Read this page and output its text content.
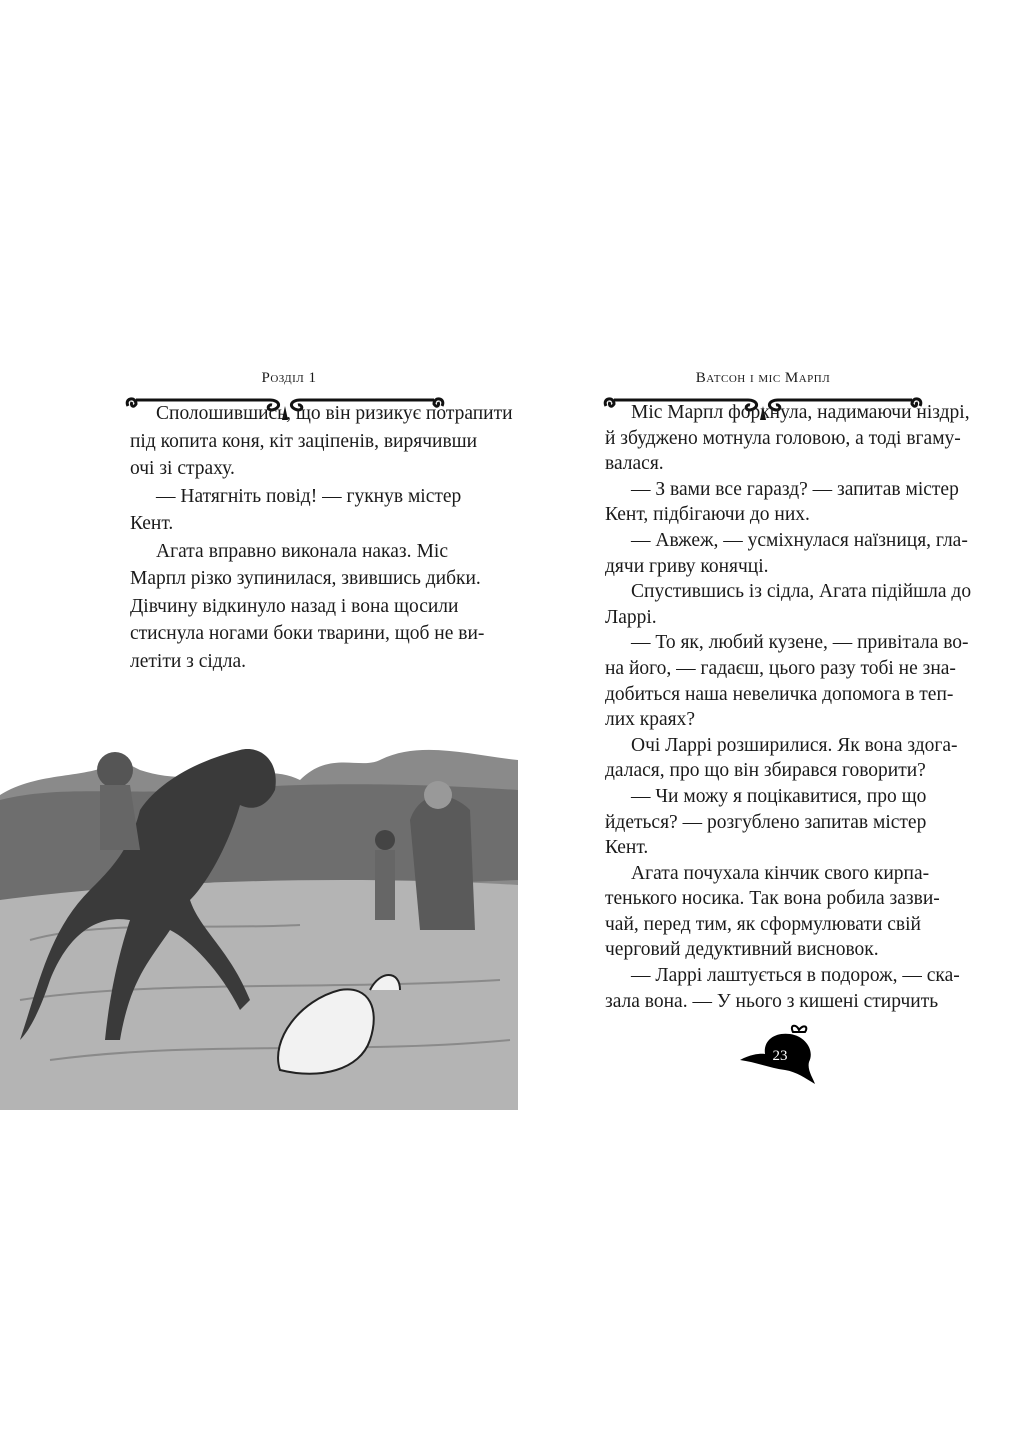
Розділ 1
Сполошившись, що він ризикує потрапити
під копита коня, кіт заціпенів, вирячивши
очі зі страху.
— Натягніть повід! — гукнув містер
Кент.
Агата вправно виконала наказ. Міс
Марпл різко зупинилася, звившись дибки.
Дівчину відкинуло назад і вона щосили
стиснула ногами боки тварини, щоб не ви-
летіти з сідла.
Ватсон і міс Марпл
Міс Марпл форкнула, надимаючи ніздрі,
й збуджено мотнула головою, а тоді вгаму-
валася.
— З вами все гаразд? — запитав містер
Кент, підбігаючи до них.
— Авжеж, — усміхнулася наїзниця, гла-
дячи гриву конячці.
Спустившись із сідла, Агата підійшла до
Ларрі.
— То як, любий кузене, — привітала во-
на його, — гадаєш, цього разу тобі не зна-
добиться наша невеличка допомога в теп-
лих краях?
Очі Ларрі розширилися. Як вона здога-
далася, про що він збирався говорити?
— Чи можу я поцікавитися, про що
йдеться? — розгублено запитав містер
Кент.
Агата почухала кінчик свого кирпа-
тенького носика. Так вона робила зазви-
чай, перед тим, як сформулювати свій
черговий дедуктивний висновок.
— Ларрі лаштується в подорож, — ска-
зала вона. — У нього з кишені стирчить
23
